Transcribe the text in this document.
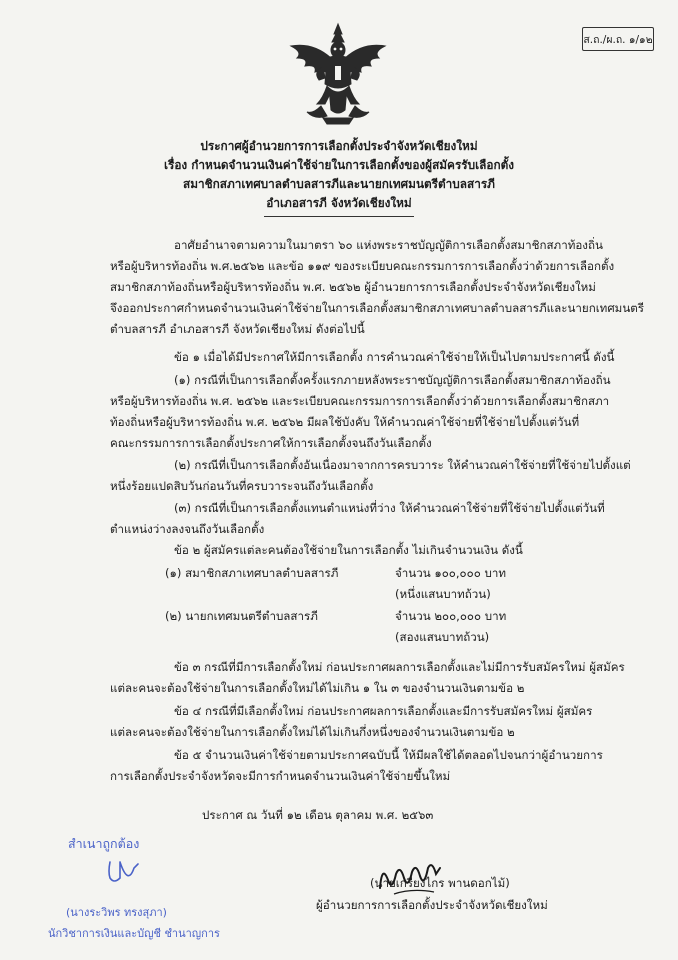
ส.ถ./ผ.ถ. ๑/๑๒
ประกาศผู้อำนวยการการเลือกตั้งประจำจังหวัดเชียงใหม่
เรื่อง กำหนดจำนวนเงินค่าใช้จ่ายในการเลือกตั้งของผู้สมัครรับเลือกตั้ง
สมาชิกสภาเทศบาลตำบลสารภีและนายกเทศมนตรีตำบลสารภี
อำเภอสารภี จังหวัดเชียงใหม่
อาศัยอำนาจตามความในมาตรา ๖๐ แห่งพระราชบัญญัติการเลือกตั้งสมาชิกสภาท้องถิ่น
หรือผู้บริหารท้องถิ่น พ.ศ.๒๕๖๒ และข้อ ๑๑๙ ของระเบียบคณะกรรมการการเลือกตั้งว่าด้วยการเลือกตั้ง
สมาชิกสภาท้องถิ่นหรือผู้บริหารท้องถิ่น พ.ศ. ๒๕๖๒ ผู้อำนวยการการเลือกตั้งประจำจังหวัดเชียงใหม่
จึงออกประกาศกำหนดจำนวนเงินค่าใช้จ่ายในการเลือกตั้งสมาชิกสภาเทศบาลตำบลสารภีและนายกเทศมนตรี
ตำบลสารภี อำเภอสารภี จังหวัดเชียงใหม่ ดังต่อไปนี้
ข้อ ๑ เมื่อได้มีประกาศให้มีการเลือกตั้ง การคำนวณค่าใช้จ่ายให้เป็นไปตามประกาศนี้ ดังนี้
(๑) กรณีที่เป็นการเลือกตั้งครั้งแรกภายหลังพระราชบัญญัติการเลือกตั้งสมาชิกสภาท้องถิ่น
หรือผู้บริหารท้องถิ่น พ.ศ. ๒๕๖๒ และระเบียบคณะกรรมการการเลือกตั้งว่าด้วยการเลือกตั้งสมาชิกสภา
ท้องถิ่นหรือผู้บริหารท้องถิ่น พ.ศ. ๒๕๖๒ มีผลใช้บังคับ ให้คำนวณค่าใช้จ่ายที่ใช้จ่ายไปตั้งแต่วันที่
คณะกรรมการการเลือกตั้งประกาศให้การเลือกตั้งจนถึงวันเลือกตั้ง
(๒) กรณีที่เป็นการเลือกตั้งอันเนื่องมาจากการครบวาระ ให้คำนวณค่าใช้จ่ายที่ใช้จ่ายไปตั้งแต่
หนึ่งร้อยแปดสิบวันก่อนวันที่ครบวาระจนถึงวันเลือกตั้ง
(๓) กรณีที่เป็นการเลือกตั้งแทนตำแหน่งที่ว่าง ให้คำนวณค่าใช้จ่ายที่ใช้จ่ายไปตั้งแต่วันที่
ตำแหน่งว่างลงจนถึงวันเลือกตั้ง
ข้อ ๒ ผู้สมัครแต่ละคนต้องใช้จ่ายในการเลือกตั้ง ไม่เกินจำนวนเงิน ดังนี้
(๑) สมาชิกสภาเทศบาลตำบลสารภี	จำนวน ๑๐๐,๐๐๐ บาท
(หนึ่งแสนบาทถ้วน)
(๒) นายกเทศมนตรีตำบลสารภี	จำนวน ๒๐๐,๐๐๐ บาท
(สองแสนบาทถ้วน)
ข้อ ๓ กรณีที่มีการเลือกตั้งใหม่ ก่อนประกาศผลการเลือกตั้งและไม่มีการรับสมัครใหม่ ผู้สมัคร
แต่ละคนจะต้องใช้จ่ายในการเลือกตั้งใหม่ได้ไม่เกิน ๑ ใน ๓ ของจำนวนเงินตามข้อ ๒
ข้อ ๔ กรณีที่มีเลือกตั้งใหม่ ก่อนประกาศผลการเลือกตั้งและมีการรับสมัครใหม่ ผู้สมัคร
แต่ละคนจะต้องใช้จ่ายในการเลือกตั้งใหม่ได้ไม่เกินกึ่งหนึ่งของจำนวนเงินตามข้อ ๒
ข้อ ๕ จำนวนเงินค่าใช้จ่ายตามประกาศฉบับนี้ ให้มีผลใช้ได้ตลอดไปจนกว่าผู้อำนวยการ
การเลือกตั้งประจำจังหวัดจะมีการกำหนดจำนวนเงินค่าใช้จ่ายขึ้นใหม่
ประกาศ ณ วันที่ ๑๒ เดือน ตุลาคม พ.ศ. ๒๕๖๓
(นายเกรียงไกร พานดอกไม้)
ผู้อำนวยการการเลือกตั้งประจำจังหวัดเชียงใหม่
สำเนาถูกต้อง
(นางระวิพร ทรงสุภา)
นักวิชาการเงินและบัญชี ชำนาญการ
